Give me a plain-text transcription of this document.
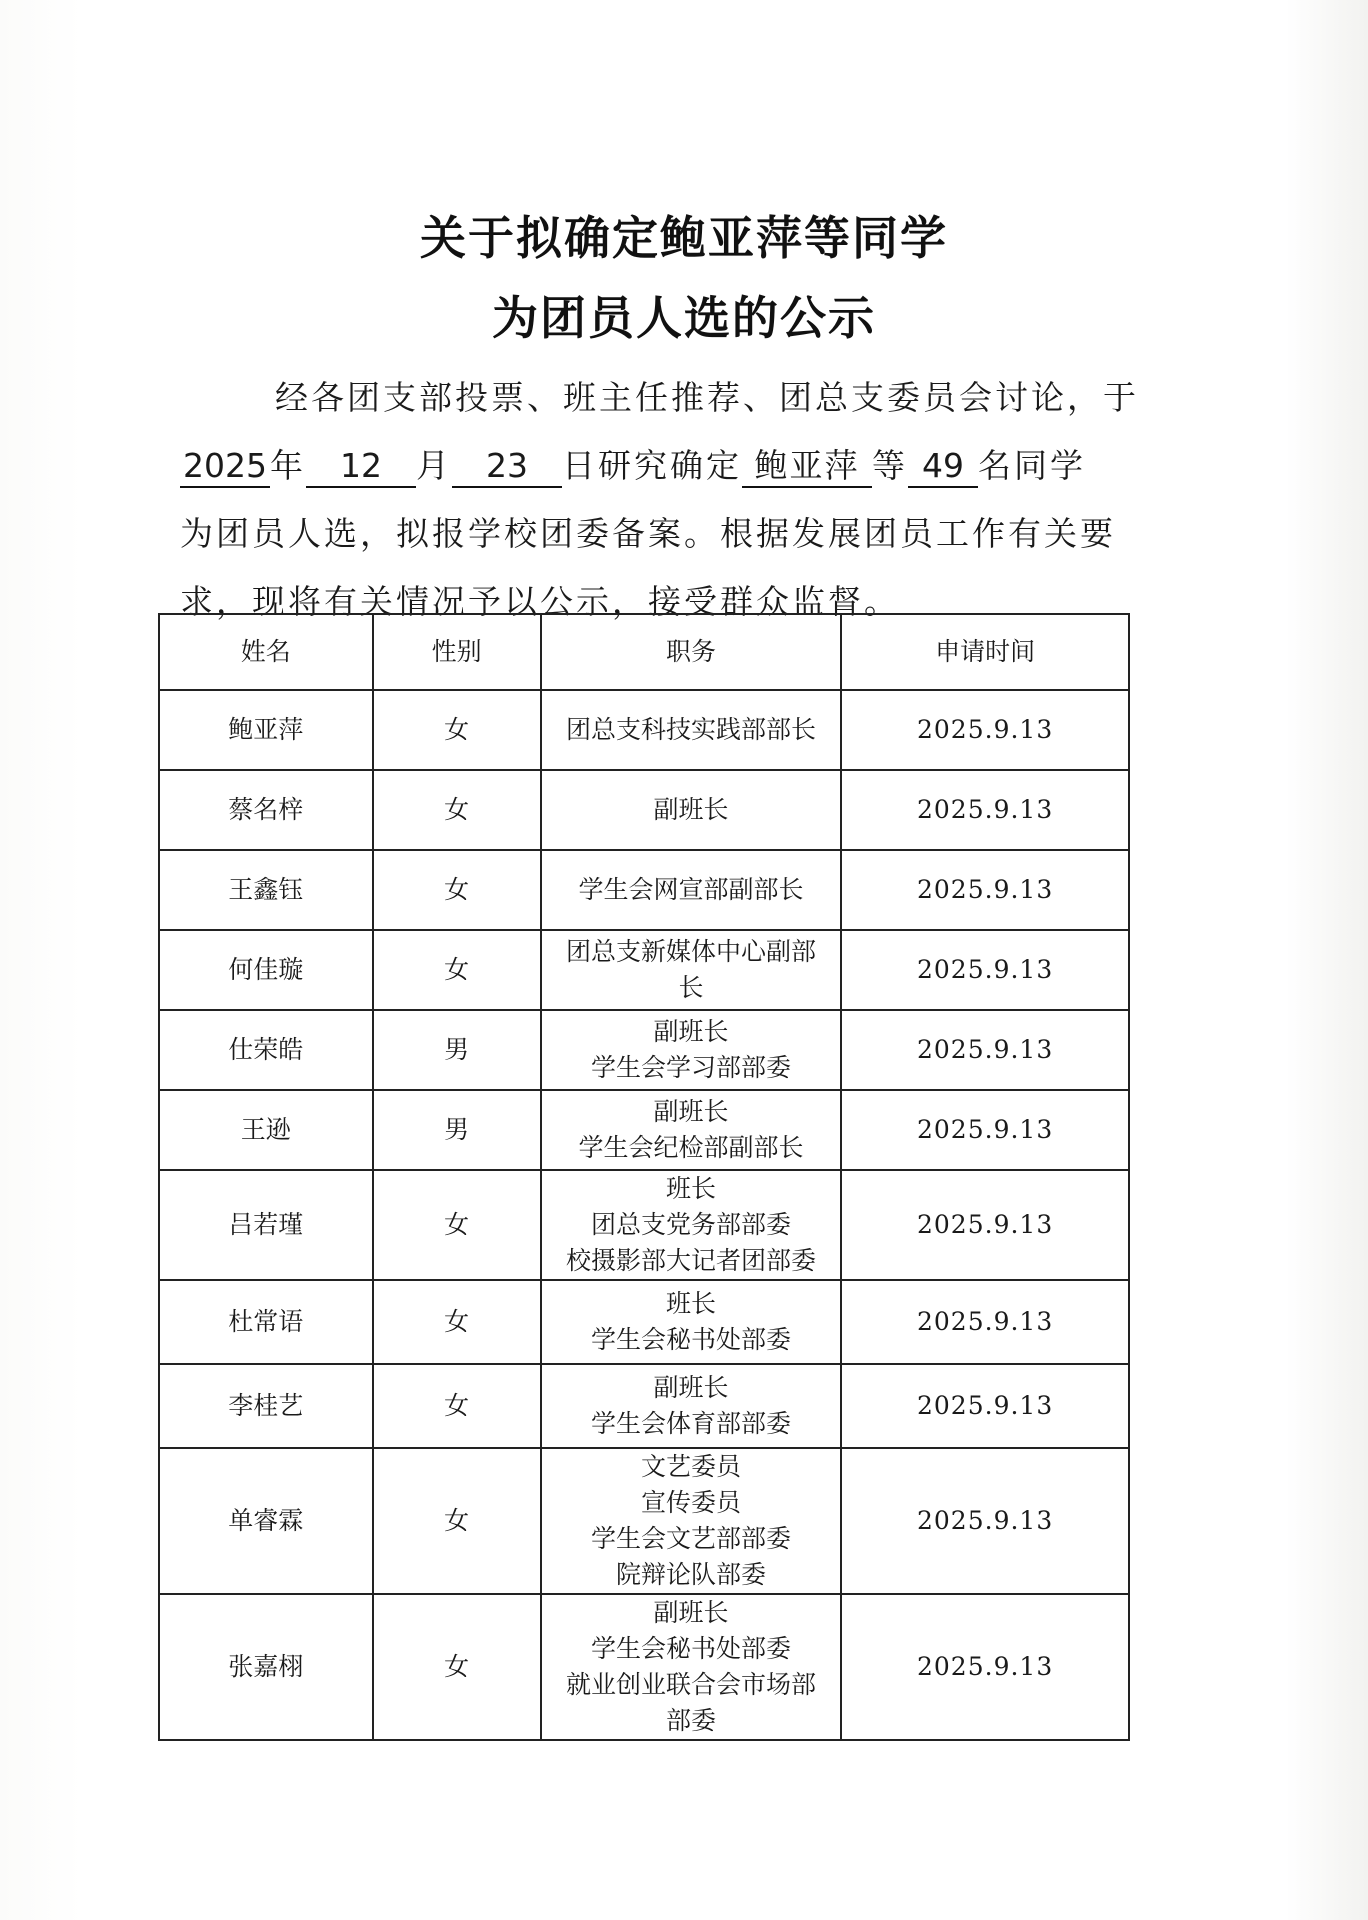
关于拟确定鲍亚萍等同学
为团员人选的公示
经各团支部投票、班主任推荐、团总支委员会讨论，于
2025年 12 月 23 日研究确定 鲍亚萍 等 49 名同学
为团员人选，拟报学校团委备案。根据发展团员工作有关要
求，现将有关情况予以公示，接受群众监督。
姓名	性别	职务	申请时间
鲍亚萍	女	团总支科技实践部部长	2025.9.13
蔡名梓	女	副班长	2025.9.13
王鑫钰	女	学生会网宣部副部长	2025.9.13
何佳璇	女	团总支新媒体中心副部
长	2025.9.13
仕荣皓	男	副班长
学生会学习部部委	2025.9.13
王逊	男	副班长
学生会纪检部副部长	2025.9.13
吕若瑾	女	班长
团总支党务部部委
校摄影部大记者团部委	2025.9.13
杜常语	女	班长
学生会秘书处部委	2025.9.13
李桂艺	女	副班长
学生会体育部部委	2025.9.13
单睿霖	女	文艺委员
宣传委员
学生会文艺部部委
院辩论队部委	2025.9.13
张嘉栩	女	副班长
学生会秘书处部委
就业创业联合会市场部
部委	2025.9.13
